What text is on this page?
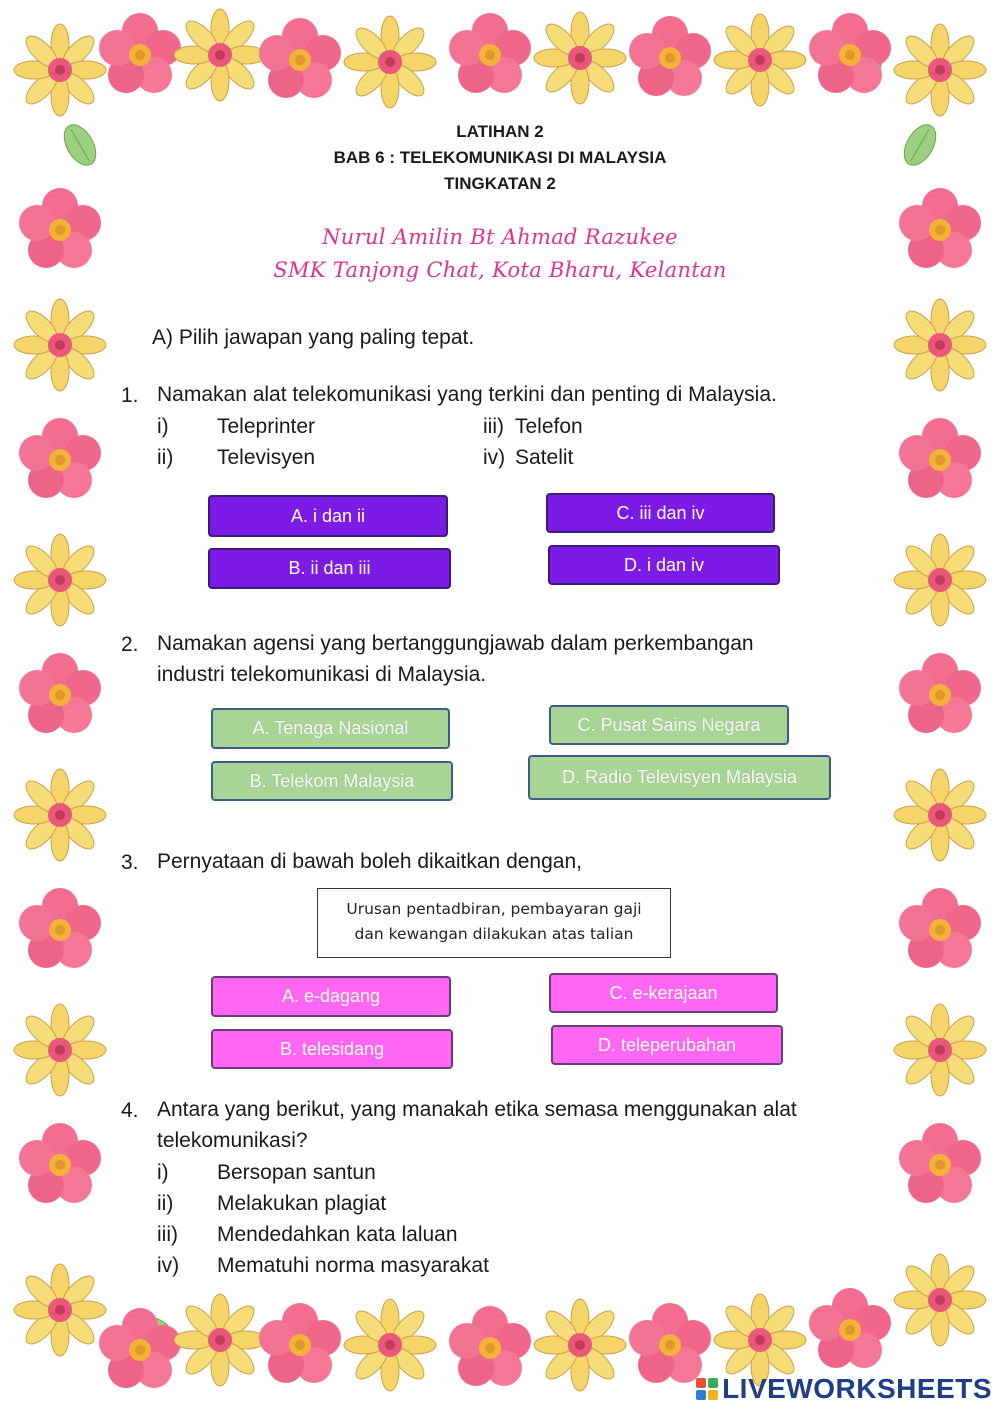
LATIHAN 2
BAB 6 : TELEKOMUNIKASI DI MALAYSIA
TINGKATAN 2
Nurul Amilin Bt Ahmad Razukee
SMK Tanjong Chat, Kota Bharu, Kelantan
A) Pilih jawapan yang paling tepat.
1. Namakan alat telekomunikasi yang terkini dan penting di Malaysia.
i) Teleprinter
ii) Televisyen
iii) Telefon
iv) Satelit
A. i dan ii
B. ii dan iii
C. iii dan iv
D. i dan iv
2. Namakan agensi yang bertanggungjawab dalam perkembangan
industri telekomunikasi di Malaysia.
A. Tenaga Nasional
B. Telekom Malaysia
C. Pusat Sains Negara
D. Radio Televisyen Malaysia
3. Pernyataan di bawah boleh dikaitkan dengan,
Urusan pentadbiran, pembayaran gaji
dan kewangan dilakukan atas talian
A. e-dagang
B. telesidang
C. e-kerajaan
D. teleperubahan
4. Antara yang berikut, yang manakah etika semasa menggunakan alat
telekomunikasi?
i) Bersopan santun
ii) Melakukan plagiat
iii) Mendedahkan kata laluan
iv) Mematuhi norma masyarakat
LIVEWORKSHEETS
